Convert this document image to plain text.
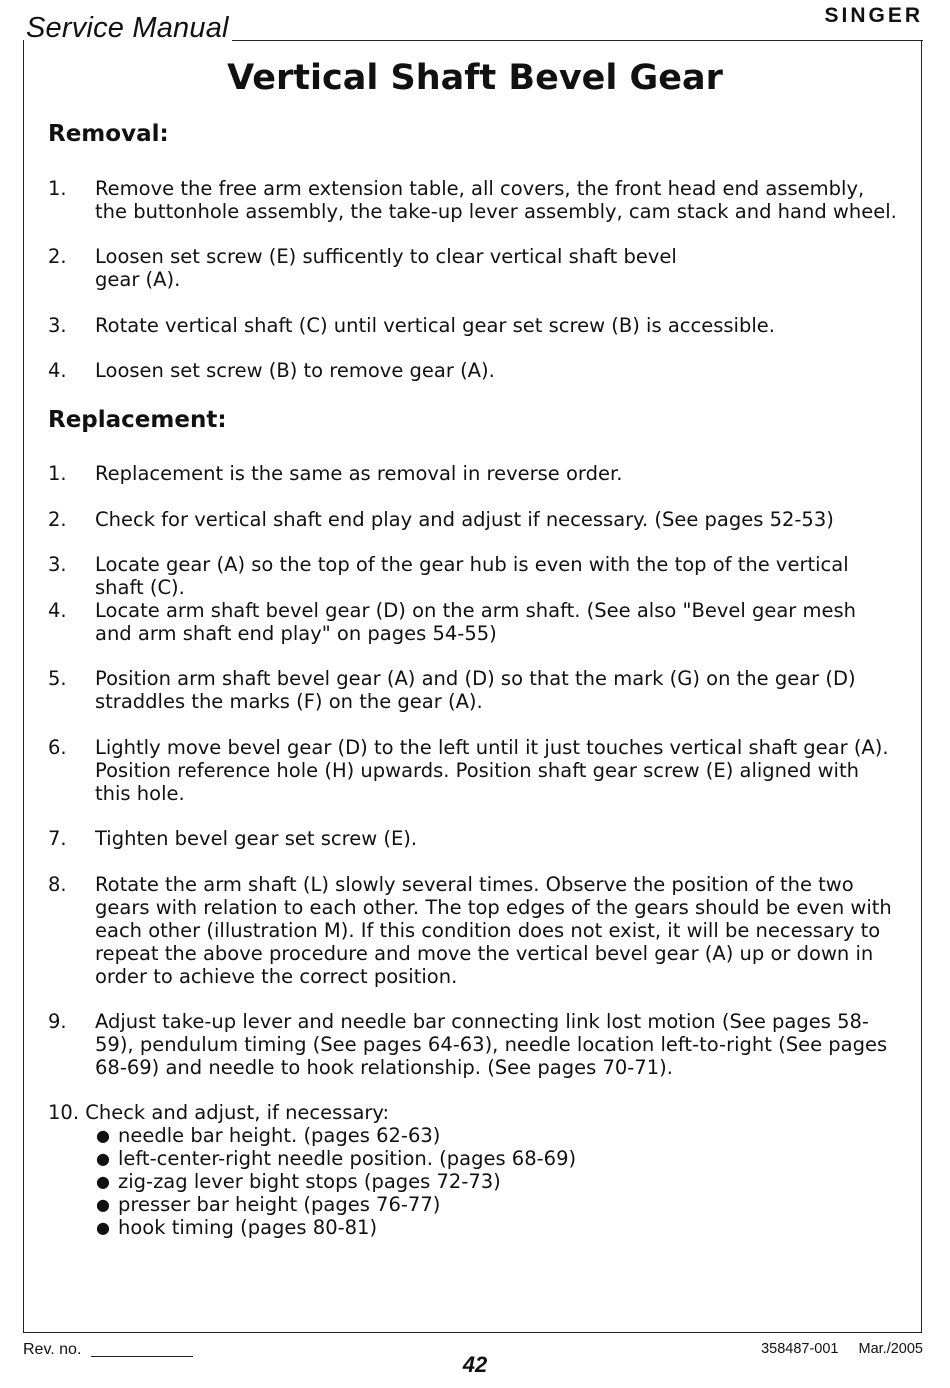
Service Manual	SINGER
Vertical Shaft Bevel Gear
Removal:
1. Remove the free arm extension table, all covers, the front head end assembly, the buttonhole assembly, the take-up lever assembly, cam stack and hand wheel.
2. Loosen set screw (E) sufficently to clear vertical shaft bevel gear (A).
3. Rotate vertical shaft (C) until vertical gear set screw (B) is accessible.
4. Loosen set screw (B) to remove gear (A).
Replacement:
1. Replacement is the same as removal in reverse order.
2. Check for vertical shaft end play and adjust if necessary. (See pages 52-53)
3. Locate gear (A) so the top of the gear hub is even with the top of the vertical shaft (C).
4. Locate arm shaft bevel gear (D) on the arm shaft. (See also "Bevel gear mesh and arm shaft end play" on pages 54-55)
5. Position arm shaft bevel gear (A) and (D) so that the mark (G) on the gear (D) straddles the marks (F) on the gear (A).
6. Lightly move bevel gear (D) to the left until it just touches vertical shaft gear (A). Position reference hole (H) upwards. Position shaft gear screw (E) aligned with this hole.
7. Tighten bevel gear set screw (E).
8. Rotate the arm shaft (L) slowly several times. Observe the position of the two gears with relation to each other. The top edges of the gears should be even with each other (illustration M). If this condition does not exist, it will be necessary to repeat the above procedure and move the vertical bevel gear (A) up or down in order to achieve the correct position.
9. Adjust take-up lever and needle bar connecting link lost motion (See pages 58-59), pendulum timing (See pages 64-63), needle location left-to-right (See pages 68-69) and needle to hook relationship. (See pages 70-71).
10. Check and adjust, if necessary:
● needle bar height. (pages 62-63)
● left-center-right needle position. (pages 68-69)
● zig-zag lever bight stops (pages 72-73)
● presser bar height (pages 76-77)
● hook timing (pages 80-81)
Rev. no.
42
358487-001 Mar./2005
